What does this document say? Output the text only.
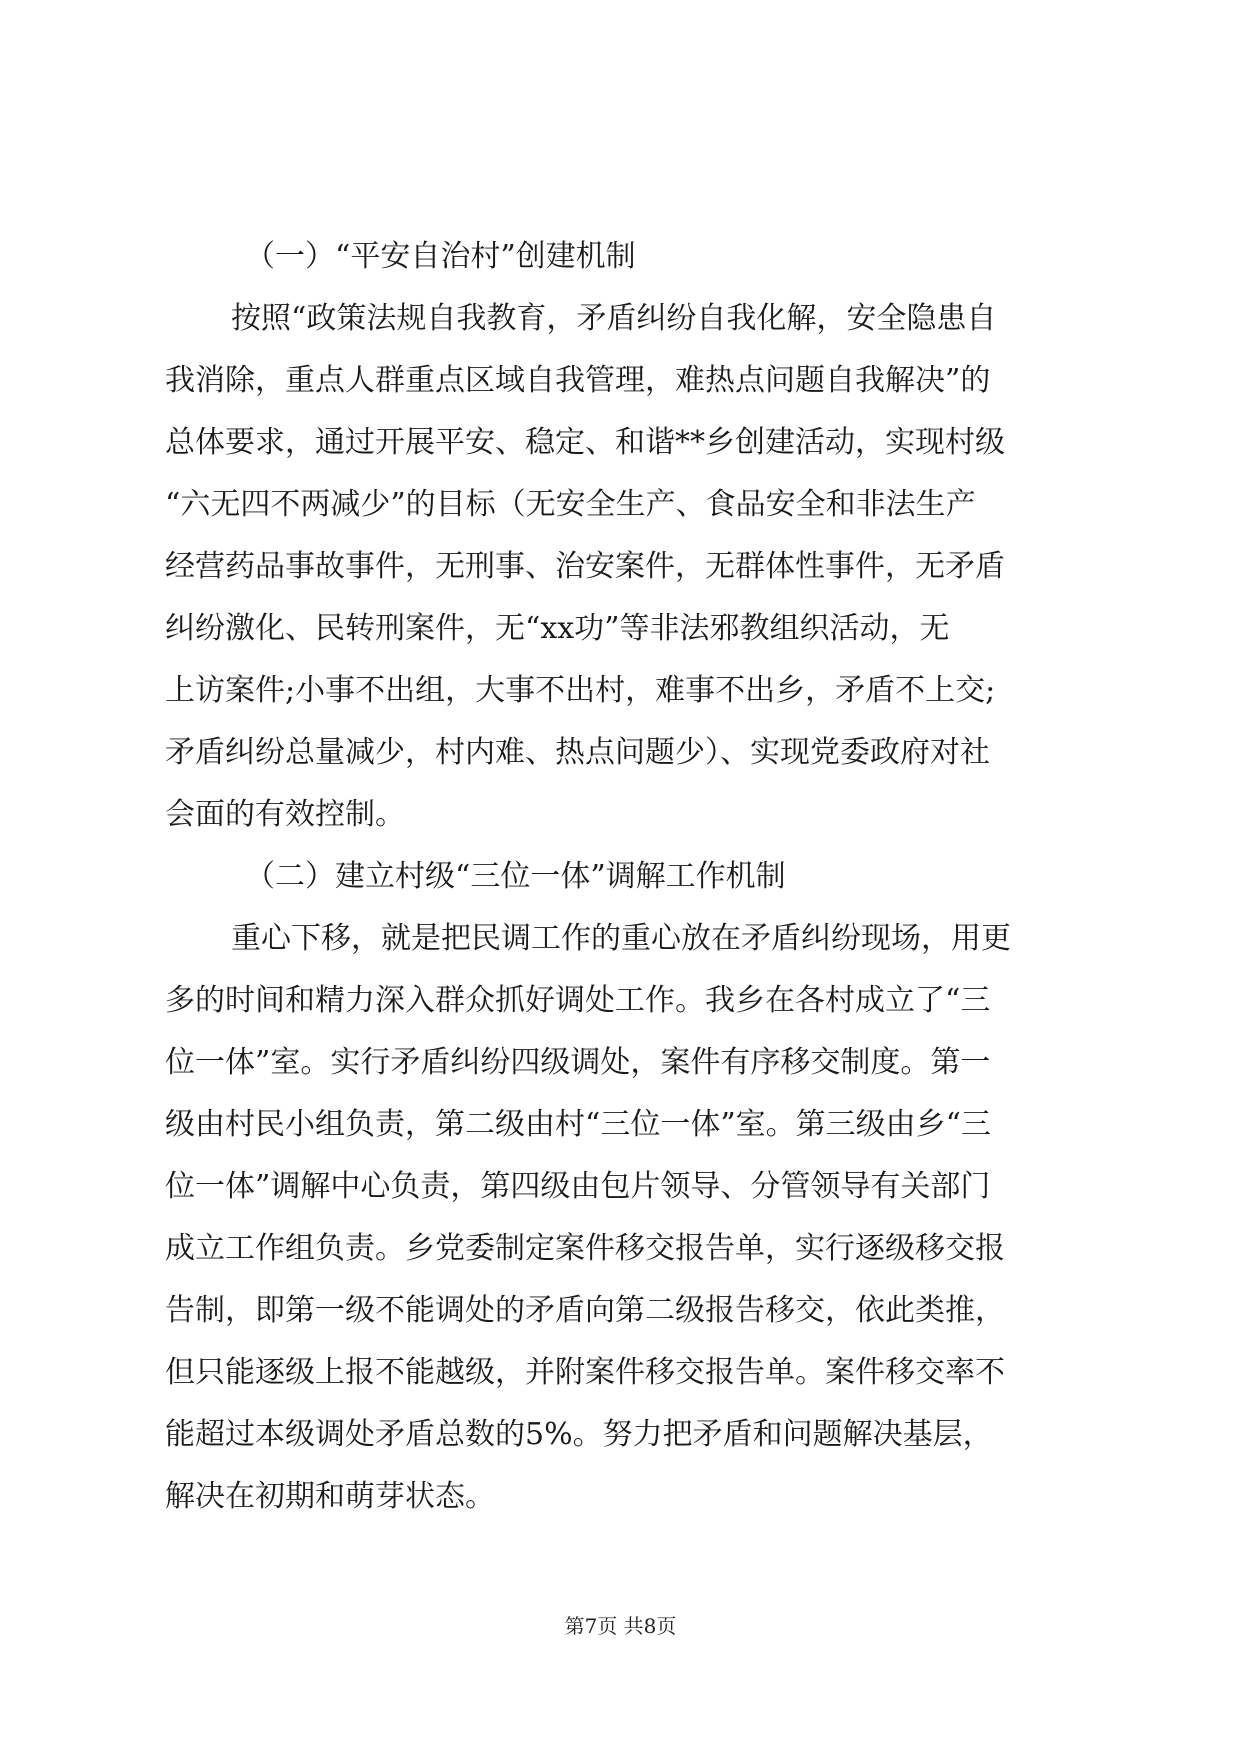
（一）“平安自治村”创建机制
按照“政策法规自我教育，矛盾纠纷自我化解，安全隐患自
我消除，重点人群重点区域自我管理，难热点问题自我解决”的
总体要求，通过开展平安、稳定、和谐**乡创建活动，实现村级
“六无四不两减少”的目标（无安全生产、食品安全和非法生产
经营药品事故事件，无刑事、治安案件，无群体性事件，无矛盾
纠纷激化、民转刑案件，无“xx功”等非法邪教组织活动，无
上访案件;小事不出组，大事不出村，难事不出乡，矛盾不上交;
矛盾纠纷总量减少，村内难、热点问题少）、实现党委政府对社
会面的有效控制。
（二）建立村级“三位一体”调解工作机制
重心下移，就是把民调工作的重心放在矛盾纠纷现场，用更
多的时间和精力深入群众抓好调处工作。我乡在各村成立了“三
位一体”室。实行矛盾纠纷四级调处，案件有序移交制度。第一
级由村民小组负责，第二级由村“三位一体”室。第三级由乡“三
位一体”调解中心负责，第四级由包片领导、分管领导有关部门
成立工作组负责。乡党委制定案件移交报告单，实行逐级移交报
告制，即第一级不能调处的矛盾向第二级报告移交，依此类推，
但只能逐级上报不能越级，并附案件移交报告单。案件移交率不
能超过本级调处矛盾总数的5%。努力把矛盾和问题解决基层，
解决在初期和萌芽状态。
第7页 共8页
